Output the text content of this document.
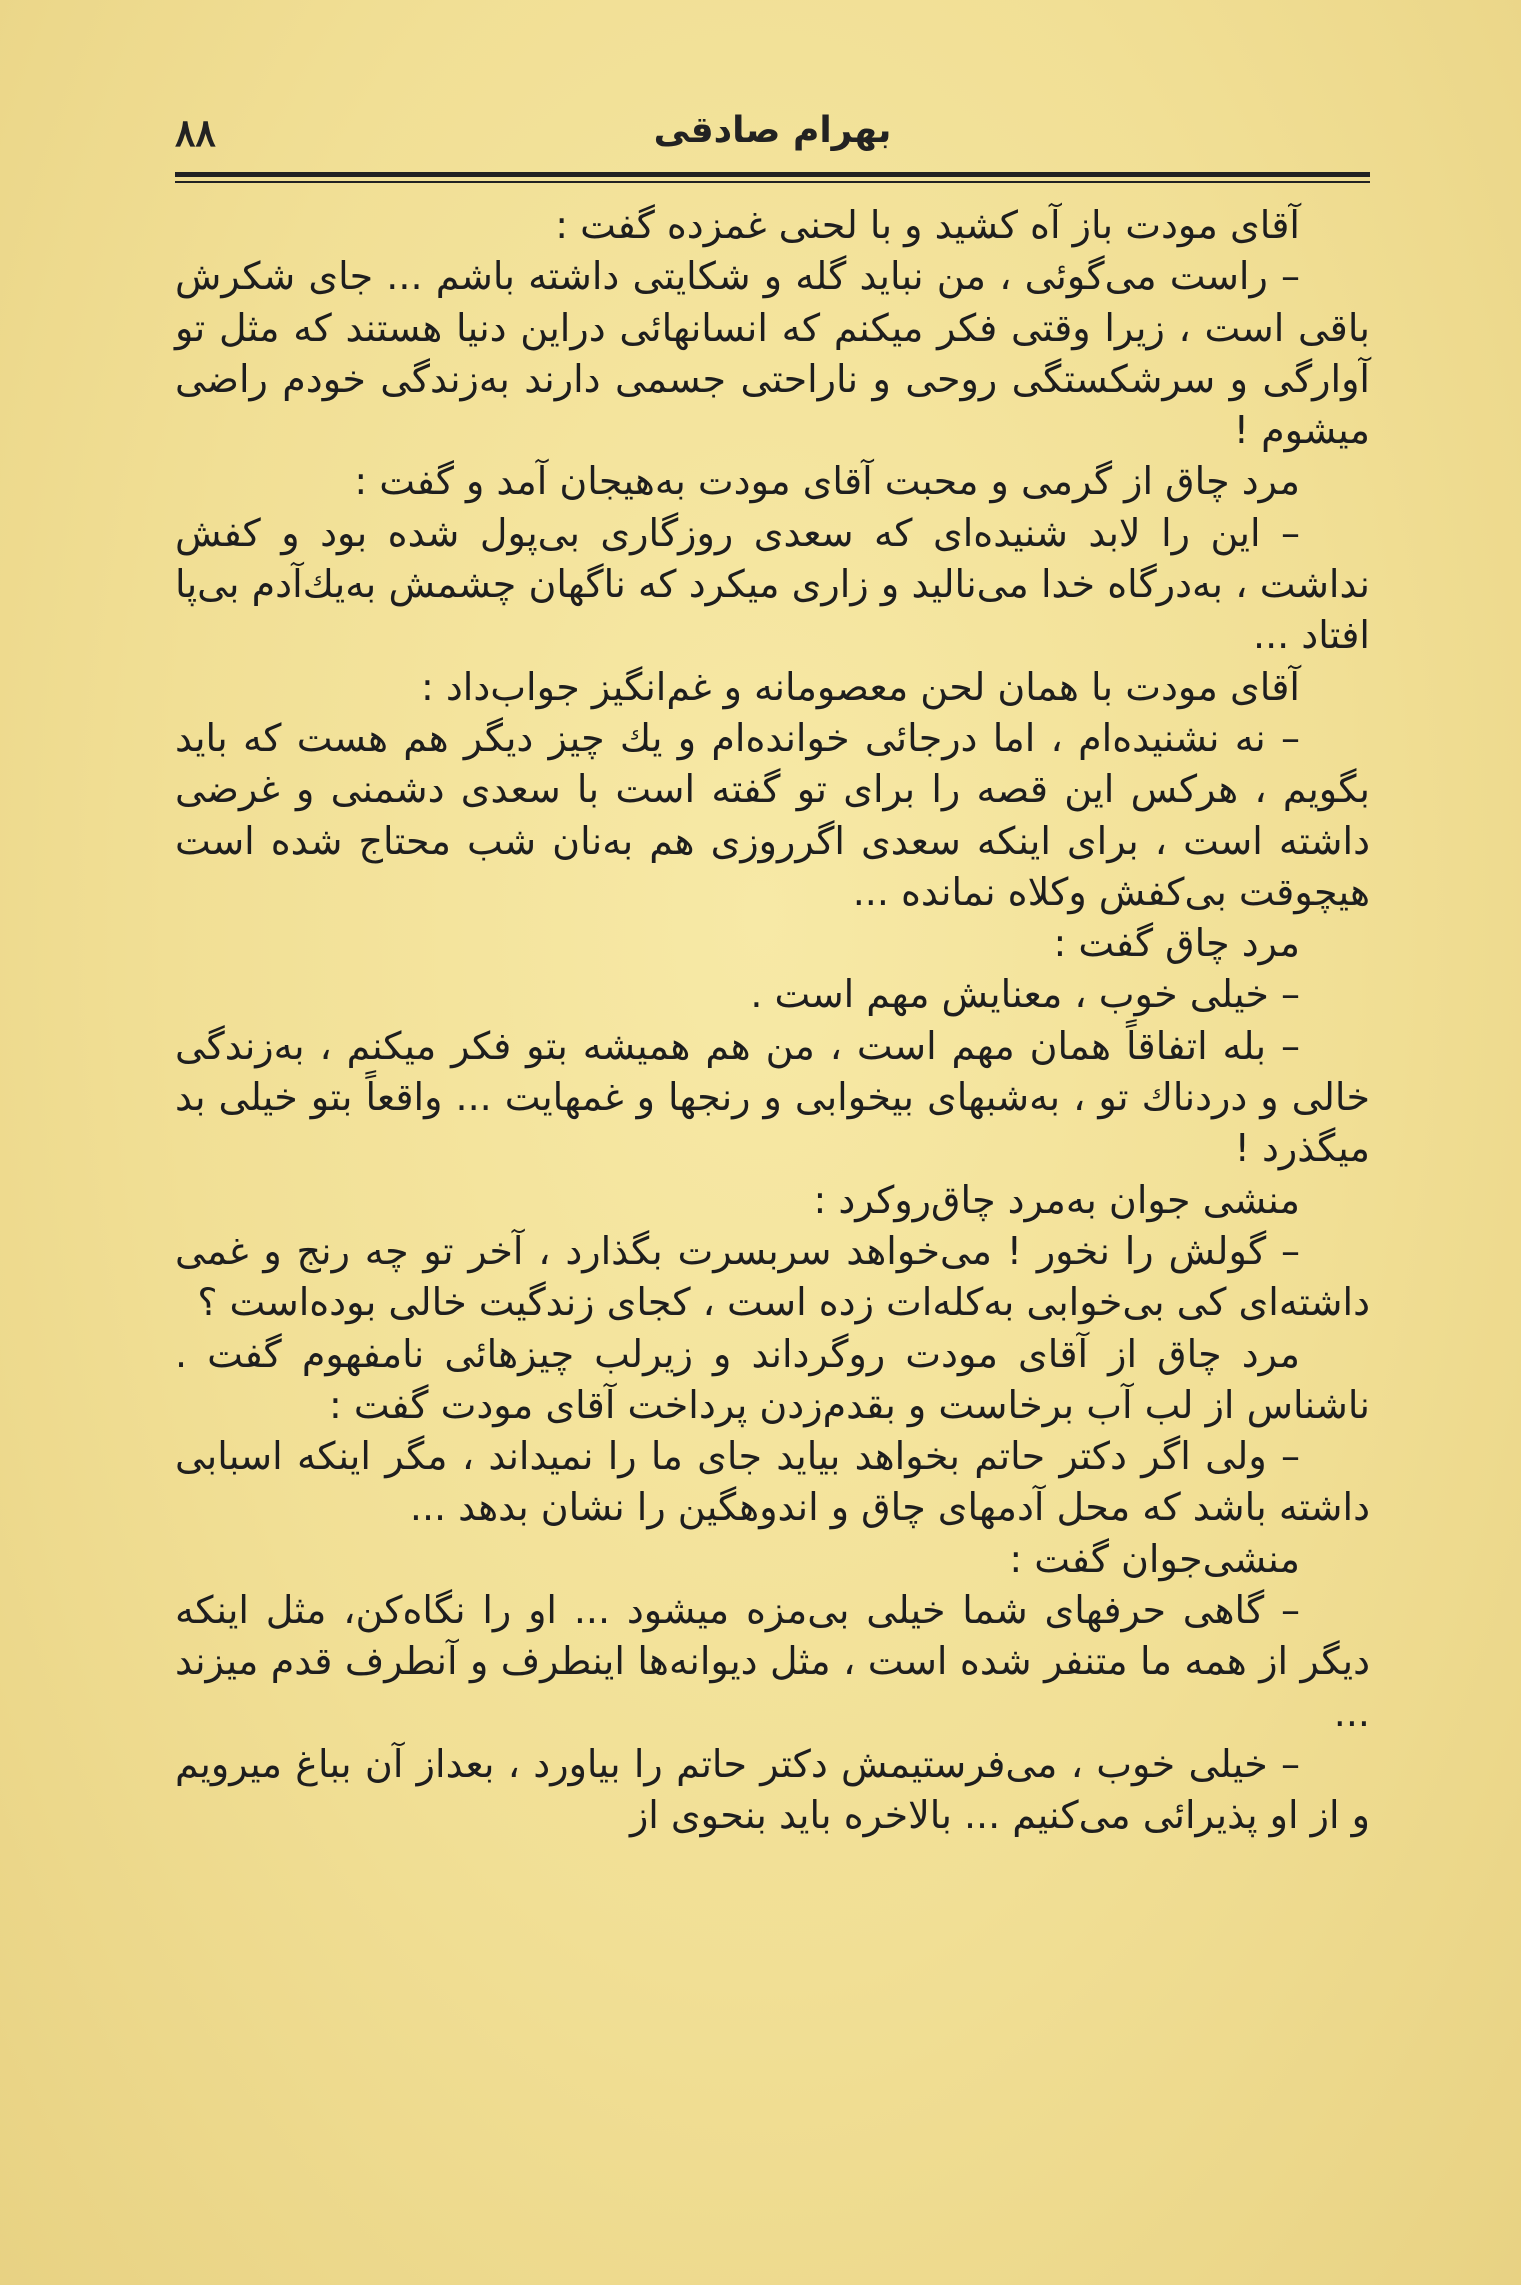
۸۸	بهرام صادقی

آقای مودت باز آه کشید و با لحنی غمزده گفت :

– راست می‌گوئی ، من نباید گله و شکایتی داشته باشم ... جای شکرش باقی است ، زیرا وقتی فکر میکنم که انسانهائی دراین دنیا هستند که مثل تو آوارگی و سرشکستگی روحی و ناراحتی جسمی دارند به‌زندگی خودم راضی میشوم !

مرد چاق از گرمی و محبت آقای مودت به‌هیجان آمد و گفت :

– این را لابد شنیده‌ای که سعدی روزگاری بی‌پول شده بود و کفش نداشت ، به‌درگاه خدا می‌نالید و زاری میکرد که ناگهان چشمش به‌یك‌آدم بی‌پا افتاد ...

آقای مودت با همان لحن معصومانه و غم‌انگیز جواب‌داد :

– نه نشنیده‌ام ، اما درجائی خوانده‌ام و یك چیز دیگر هم هست که باید بگویم ، هرکس این قصه را برای تو گفته است با سعدی دشمنی و غرضی داشته است ، برای اینکه سعدی اگرروزی هم به‌نان شب محتاج شده است هیچوقت بی‌کفش وکلاه نمانده ...

مرد چاق گفت :

– خیلی خوب ، معنایش مهم است .

– بله اتفاقاً همان مهم است ، من هم همیشه بتو فکر میکنم ، به‌زندگی خالی و دردناك تو ، به‌شبهای بیخوابی و رنجها و غمهایت ... واقعاً بتو خیلی بد میگذرد !

منشی جوان به‌مرد چاق‌روکرد :

– گولش را نخور ! می‌خواهد سربسرت بگذارد ، آخر تو چه رنج و غمی داشته‌ای کی بی‌خوابی به‌کله‌ات زده است ، کجای زندگیت خالی بوده‌است ؟

مرد چاق از آقای مودت روگرداند و زیرلب چیزهائی نامفهوم گفت . ناشناس از لب آب برخاست و بقدم‌زدن پرداخت آقای مودت گفت :

– ولی اگر دکتر حاتم بخواهد بیاید جای ما را نمیداند ، مگر اینکه اسبابی داشته باشد که محل آدمهای چاق و اندوهگین را نشان بدهد ...

منشی‌جوان گفت :

– گاهی حرفهای شما خیلی بی‌مزه میشود ... او را نگاه‌کن، مثل اینکه دیگر از همه ما متنفر شده است ، مثل دیوانه‌ها اینطرف و آنطرف قدم میزند ...

– خیلی خوب ، می‌فرستیمش دکتر حاتم را بیاورد ، بعداز آن بباغ میرویم و از او پذیرائی می‌کنیم ... بالاخره باید بنحوی از
